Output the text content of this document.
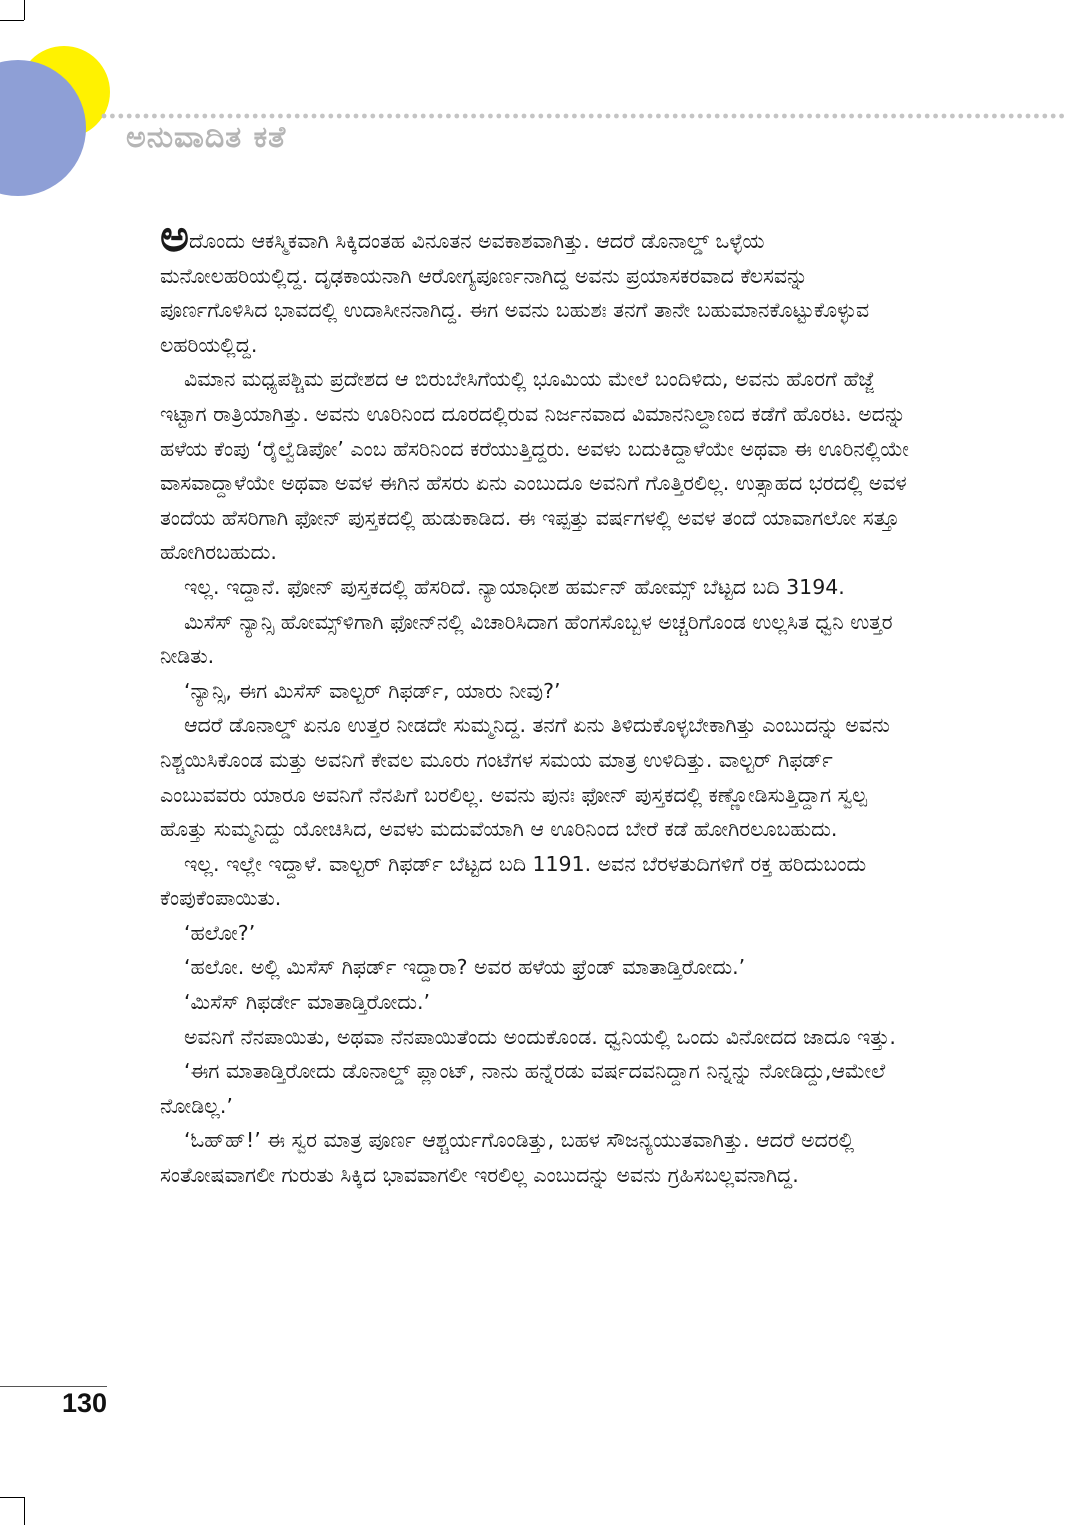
ಅನುವಾದಿತ ಕತೆ

ಅದೊಂದು ಆಕಸ್ಮಿಕವಾಗಿ ಸಿಕ್ಕಿದಂತಹ ವಿನೂತನ ಅವಕಾಶವಾಗಿತ್ತು. ಆದರೆ ಡೊನಾಲ್ಡ್ ಒಳ್ಳೆಯ ಮನೋಲಹರಿಯಲ್ಲಿದ್ದ. ದೃಢಕಾಯನಾಗಿ ಆರೋಗ್ಯಪೂರ್ಣನಾಗಿದ್ದ ಅವನು ಪ್ರಯಾಸಕರವಾದ ಕೆಲಸವನ್ನು ಪೂರ್ಣಗೊಳಿಸಿದ ಭಾವದಲ್ಲಿ ಉದಾಸೀನನಾಗಿದ್ದ. ಈಗ ಅವನು ಬಹುಶಃ ತನಗೆ ತಾನೇ ಬಹುಮಾನಕೊಟ್ಟುಕೊಳ್ಳುವ ಲಹರಿಯಲ್ಲಿದ್ದ.

ವಿಮಾನ ಮಧ್ಯಪಶ್ಚಿಮ ಪ್ರದೇಶದ ಆ ಬಿರುಬೇಸಿಗೆಯಲ್ಲಿ ಭೂಮಿಯ ಮೇಲೆ ಬಂದಿಳಿದು, ಅವನು ಹೊರಗೆ ಹೆಜ್ಜೆ ಇಟ್ಟಾಗ ರಾತ್ರಿಯಾಗಿತ್ತು. ಅವನು ಊರಿನಿಂದ ದೂರದಲ್ಲಿರುವ ನಿರ್ಜನವಾದ ವಿಮಾನನಿಲ್ದಾಣದ ಕಡೆಗೆ ಹೊರಟ. ಅದನ್ನು ಹಳೆಯ ಕೆಂಪು ‘ರೈಲ್ವೆಡಿಪೋ’ ಎಂಬ ಹೆಸರಿನಿಂದ ಕರೆಯುತ್ತಿದ್ದರು. ಅವಳು ಬದುಕಿದ್ದಾಳೆಯೇ ಅಥವಾ ಈ ಊರಿನಲ್ಲಿಯೇ ವಾಸವಾದ್ದಾಳೆಯೇ ಅಥವಾ ಅವಳ ಈಗಿನ ಹೆಸರು ಏನು ಎಂಬುದೂ ಅವನಿಗೆ ಗೊತ್ತಿರಲಿಲ್ಲ. ಉತ್ಸಾಹದ ಭರದಲ್ಲಿ ಅವಳ ತಂದೆಯ ಹೆಸರಿಗಾಗಿ ಫೋನ್ ಪುಸ್ತಕದಲ್ಲಿ ಹುಡುಕಾಡಿದ. ಈ ಇಪ್ಪತ್ತು ವರ್ಷಗಳಲ್ಲಿ ಅವಳ ತಂದೆ ಯಾವಾಗಲೋ ಸತ್ತೂ ಹೋಗಿರಬಹುದು.

ಇಲ್ಲ. ಇದ್ದಾನೆ. ಫೋನ್ ಪುಸ್ತಕದಲ್ಲಿ ಹೆಸರಿದೆ. ನ್ಯಾಯಾಧೀಶ ಹರ್ಮನ್ ಹೋಮ್ಸ್ ಬೆಟ್ಟದ ಬದಿ 3194.

ಮಿಸೆಸ್ ನ್ಯಾನ್ಸಿ ಹೋಮ್ಸ್‌ಳಿಗಾಗಿ ಫೋನ್‌ನಲ್ಲಿ ವಿಚಾರಿಸಿದಾಗ ಹೆಂಗಸೊಬ್ಬಳ ಅಚ್ಚರಿಗೊಂಡ ಉಲ್ಲಸಿತ ಧ್ವನಿ ಉತ್ತರ ನೀಡಿತು.

‘ನ್ಯಾನ್ಸಿ, ಈಗ ಮಿಸೆಸ್ ವಾಲ್ಟರ್ ಗಿಫರ್ಡ್, ಯಾರು ನೀವು?’

ಆದರೆ ಡೊನಾಲ್ಡ್ ಏನೂ ಉತ್ತರ ನೀಡದೇ ಸುಮ್ಮನಿದ್ದ. ತನಗೆ ಏನು ತಿಳಿದುಕೊಳ್ಳಬೇಕಾಗಿತ್ತು ಎಂಬುದನ್ನು ಅವನು ನಿಶ್ಚಯಿಸಿಕೊಂಡ ಮತ್ತು ಅವನಿಗೆ ಕೇವಲ ಮೂರು ಗಂಟೆಗಳ ಸಮಯ ಮಾತ್ರ ಉಳಿದಿತ್ತು. ವಾಲ್ಟರ್ ಗಿಫರ್ಡ್ ಎಂಬುವವರು ಯಾರೂ ಅವನಿಗೆ ನೆನಪಿಗೆ ಬರಲಿಲ್ಲ. ಅವನು ಪುನಃ ಫೋನ್ ಪುಸ್ತಕದಲ್ಲಿ ಕಣ್ಣೋಡಿಸುತ್ತಿದ್ದಾಗ ಸ್ವಲ್ಪ ಹೊತ್ತು ಸುಮ್ಮನಿದ್ದು ಯೋಚಿಸಿದ, ಅವಳು ಮದುವೆಯಾಗಿ ಆ ಊರಿನಿಂದ ಬೇರೆ ಕಡೆ ಹೋಗಿರಲೂಬಹುದು.

ಇಲ್ಲ. ಇಲ್ಲೇ ಇದ್ದಾಳೆ. ವಾಲ್ಟರ್ ಗಿಫರ್ಡ್ ಬೆಟ್ಟದ ಬದಿ 1191. ಅವನ ಬೆರಳತುದಿಗಳಿಗೆ ರಕ್ತ ಹರಿದುಬಂದು ಕೆಂಪುಕೆಂಪಾಯಿತು.

‘ಹಲೋ?’

‘ಹಲೋ. ಅಲ್ಲಿ ಮಿಸೆಸ್ ಗಿಫರ್ಡ್ ಇದ್ದಾರಾ? ಅವರ ಹಳೆಯ ಫ್ರೆಂಡ್ ಮಾತಾಡ್ತಿರೋದು.’

‘ಮಿಸೆಸ್ ಗಿಫರ್ಡೇ ಮಾತಾಡ್ತಿರೋದು.’

ಅವನಿಗೆ ನೆನಪಾಯಿತು, ಅಥವಾ ನೆನಪಾಯಿತೆಂದು ಅಂದುಕೊಂಡ. ಧ್ವನಿಯಲ್ಲಿ ಒಂದು ವಿನೋದದ ಜಾದೂ ಇತ್ತು.

‘ಈಗ ಮಾತಾಡ್ತಿರೋದು ಡೊನಾಲ್ಡ್ ಪ್ಲಾಂಟ್, ನಾನು ಹನ್ನೆರಡು ವರ್ಷದವನಿದ್ದಾಗ ನಿನ್ನನ್ನು ನೋಡಿದ್ದು,ಆಮೇಲೆ ನೋಡಿಲ್ಲ.’

‘ಓಹ್‌ಹ್!’ ಈ ಸ್ವರ ಮಾತ್ರ ಪೂರ್ಣ ಆಶ್ಚರ್ಯಗೊಂಡಿತ್ತು, ಬಹಳ ಸೌಜನ್ಯಯುತವಾಗಿತ್ತು. ಆದರೆ ಅದರಲ್ಲಿ ಸಂತೋಷವಾಗಲೀ ಗುರುತು ಸಿಕ್ಕಿದ ಭಾವವಾಗಲೀ ಇರಲಿಲ್ಲ ಎಂಬುದನ್ನು ಅವನು ಗ್ರಹಿಸಬಲ್ಲವನಾಗಿದ್ದ.

130
